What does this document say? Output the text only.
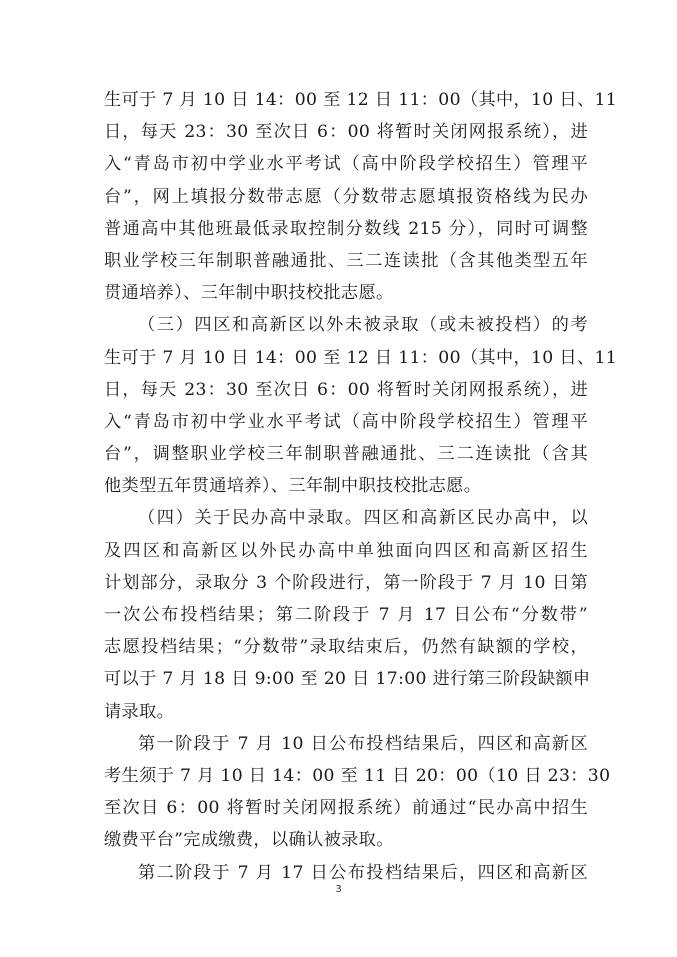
生可于 7 月 10 日 14：00 至 12 日 11：00（其中，10 日、11
日，每天 23：30 至次日 6：00 将暂时关闭网报系统），进
入“青岛市初中学业水平考试（高中阶段学校招生）管理平
台”，网上填报分数带志愿（分数带志愿填报资格线为民办
普通高中其他班最低录取控制分数线 215 分），同时可调整
职业学校三年制职普融通批、三二连读批（含其他类型五年
贯通培养）、三年制中职技校批志愿。
（三）四区和高新区以外未被录取（或未被投档）的考
生可于 7 月 10 日 14：00 至 12 日 11：00（其中，10 日、11
日，每天 23：30 至次日 6：00 将暂时关闭网报系统），进
入“青岛市初中学业水平考试（高中阶段学校招生）管理平
台”，调整职业学校三年制职普融通批、三二连读批（含其
他类型五年贯通培养）、三年制中职技校批志愿。
（四）关于民办高中录取。四区和高新区民办高中，以
及四区和高新区以外民办高中单独面向四区和高新区招生
计划部分，录取分 3 个阶段进行，第一阶段于 7 月 10 日第
一次公布投档结果；第二阶段于 7 月 17 日公布“分数带”
志愿投档结果；“分数带”录取结束后，仍然有缺额的学校，
可以于 7 月 18 日 9:00 至 20 日 17:00 进行第三阶段缺额申
请录取。
第一阶段于 7 月 10 日公布投档结果后，四区和高新区
考生须于 7 月 10 日 14：00 至 11 日 20：00（10 日 23：30
至次日 6：00 将暂时关闭网报系统）前通过“民办高中招生
缴费平台”完成缴费，以确认被录取。
第二阶段于 7 月 17 日公布投档结果后，四区和高新区
3
